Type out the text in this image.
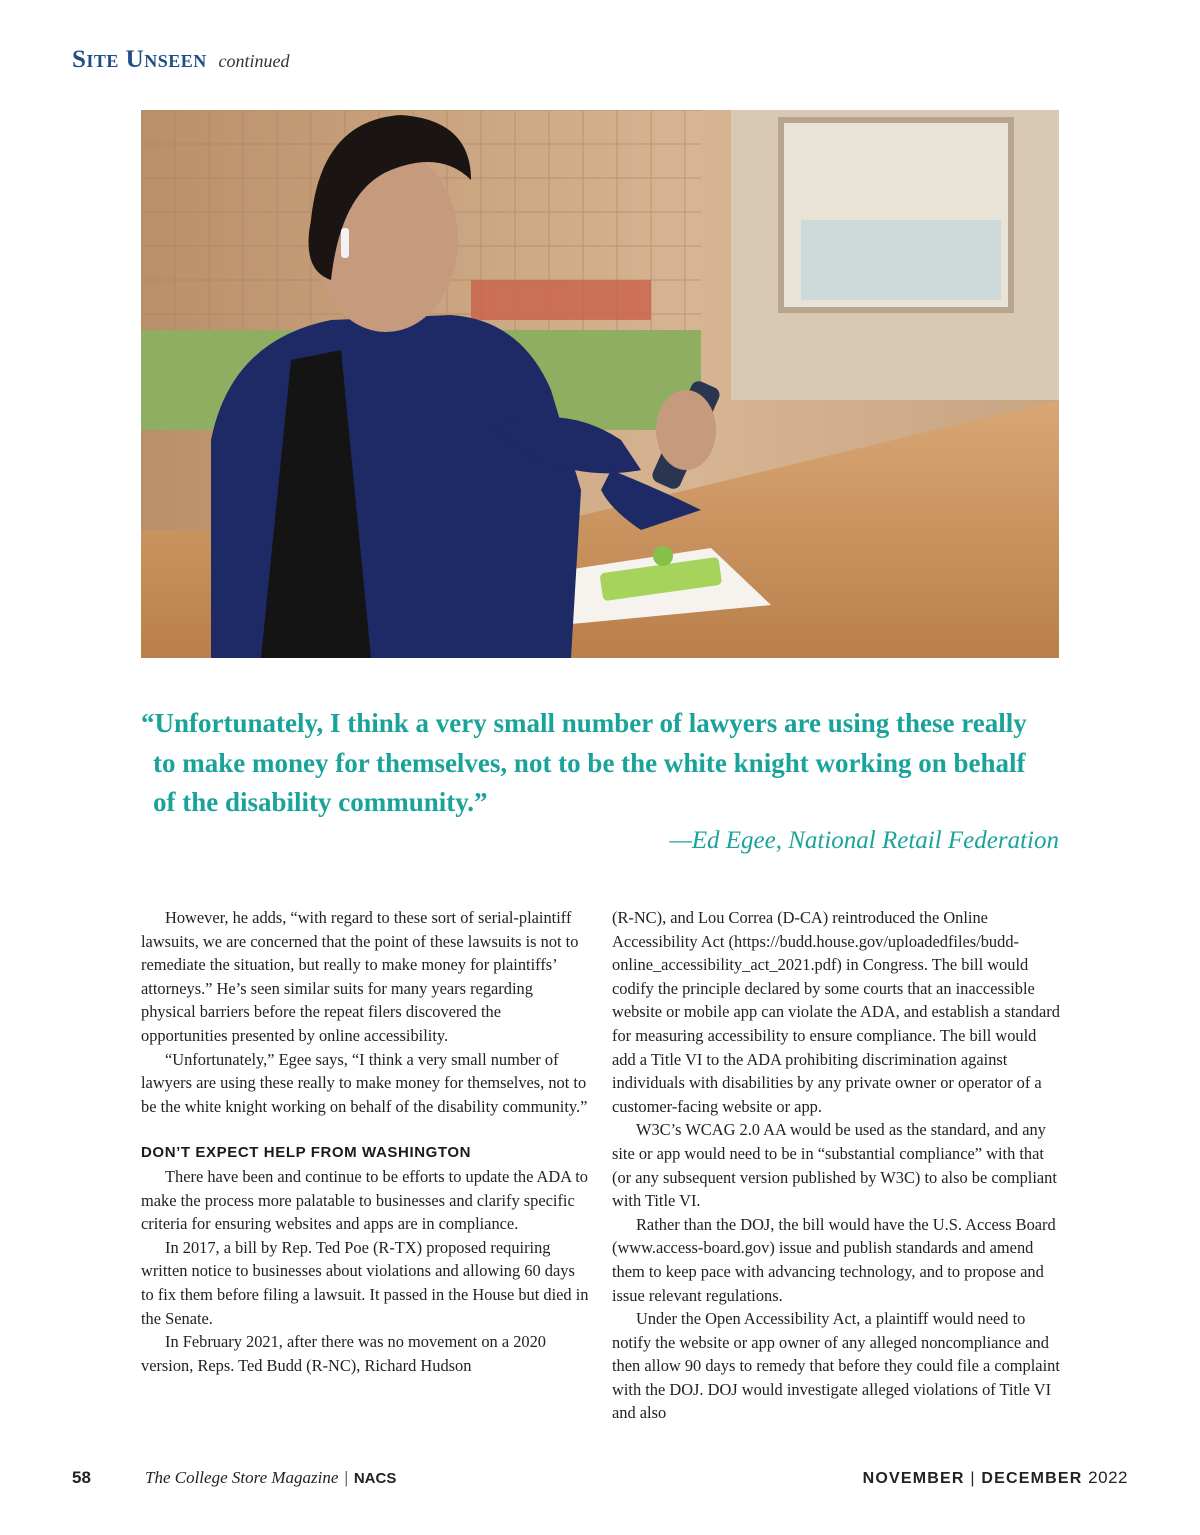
Site Unseen continued

“Unfortunately, I think a very small number of lawyers are using these really to make money for themselves, not to be the white knight working on behalf of the disability community.”

—Ed Egee, National Retail Federation

However, he adds, “with regard to these sort of serial-plaintiff lawsuits, we are concerned that the point of these lawsuits is not to remediate the situation, but really to make money for plaintiffs’ attorneys.” He’s seen similar suits for many years regarding physical barriers before the repeat filers discovered the opportunities presented by online accessibility.

“Unfortunately,” Egee says, “I think a very small number of lawyers are using these really to make money for themselves, not to be the white knight working on behalf of the disability community.”

DON’T EXPECT HELP FROM WASHINGTON

There have been and continue to be efforts to update the ADA to make the process more palatable to businesses and clarify specific criteria for ensuring websites and apps are in compliance.

In 2017, a bill by Rep. Ted Poe (R-TX) proposed requiring written notice to businesses about violations and allowing 60 days to fix them before filing a lawsuit. It passed in the House but died in the Senate.

In February 2021, after there was no movement on a 2020 version, Reps. Ted Budd (R-NC), Richard Hudson

(R-NC), and Lou Correa (D-CA) reintroduced the Online Accessibility Act (https://budd.house.gov/uploadedfiles/budd-online_accessibility_act_2021.pdf) in Congress. The bill would codify the principle declared by some courts that an inaccessible website or mobile app can violate the ADA, and establish a standard for measuring accessibility to ensure compliance. The bill would add a Title VI to the ADA prohibiting discrimination against individuals with disabilities by any private owner or operator of a customer-facing website or app.

W3C’s WCAG 2.0 AA would be used as the standard, and any site or app would need to be in “substantial compliance” with that (or any subsequent version published by W3C) to also be compliant with Title VI.

Rather than the DOJ, the bill would have the U.S. Access Board (www.access-board.gov) issue and publish standards and amend them to keep pace with advancing technology, and to propose and issue relevant regulations.

Under the Open Accessibility Act, a plaintiff would need to notify the website or app owner of any alleged noncompliance and then allow 90 days to remedy that before they could file a complaint with the DOJ. DOJ would investigate alleged violations of Title VI and also

58	The College Store Magazine | NACS	NOVEMBER | DECEMBER 2022
